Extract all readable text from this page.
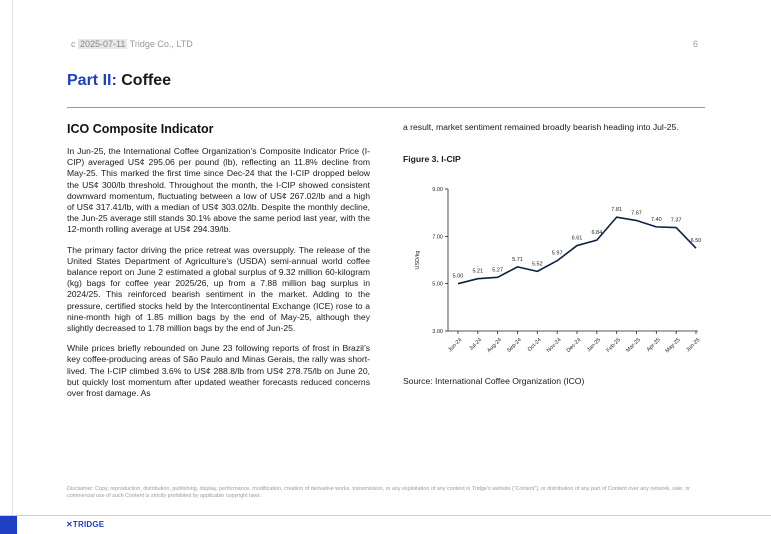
c 2025-07-11 Tridge Co., LTD	6
Part II: Coffee
ICO Composite Indicator

In Jun-25, the International Coffee Organization’s Composite Indicator Price (I-CIP) averaged US¢ 295.06 per pound (lb), reflecting an 11.8% decline from May-25. This marked the first time since Dec-24 that the I-CIP dropped below the US¢ 300/lb threshold. Throughout the month, the I-CIP showed consistent downward momentum, fluctuating between a low of US¢ 267.02/lb and a high of US¢ 317.41/lb, with a median of US¢ 303.02/lb. Despite the monthly decline, the Jun-25 average still stands 30.1% above the same period last year, with the 12-month rolling average at US¢ 294.39/lb.

The primary factor driving the price retreat was oversupply. The release of the United States Department of Agriculture’s (USDA) semi-annual world coffee balance report on June 2 estimated a global surplus of 9.32 million 60-kilogram (kg) bags for coffee year 2025/26, up from a 7.88 million bag surplus in 2024/25. This reinforced bearish sentiment in the market. Adding to the pressure, certified stocks held by the Intercontinental Exchange (ICE) rose to a nine-month high of 1.85 million bags by the end of May-25, although they slightly decreased to 1.78 million bags by the end of Jun-25.

While prices briefly rebounded on June 23 following reports of frost in Brazil’s key coffee-producing areas of São Paulo and Minas Gerais, the rally was short-lived. The I-CIP climbed 3.6% to US¢ 288.8/lb from US¢ 278.75/lb on June 20, but quickly lost momentum after updated weather forecasts reduced concerns over frost damage. As

a result, market sentiment remained broadly bearish heading into Jul-25.

Figure 3. I-CIP
3.00
5.00
7.00
9.00
USD/kg
Jun-24 Jul-24 Aug-24 Sep-24 Oct-24 Nov-24 Dec-24 Jan-25 Feb-25 Mar-25 Apr-25 May-25 Jun-25
5.00
5.21 5.27
5.71
5.52
5.97
6.61
6.84
7.81
7.67
7.40 7.37
6.50
Source: International Coffee Organization (ICO)
Disclaimer: Copy, reproduction, distribution, publishing, display, performance, modification, creation of derivative works, transmission, or any exploitation of any content in Tridge’s website (“Content”), or distribution of any part of Content over any network, sale, or commercial use of such Content is strictly prohibited by applicable copyright laws.
✕TRIDGE
